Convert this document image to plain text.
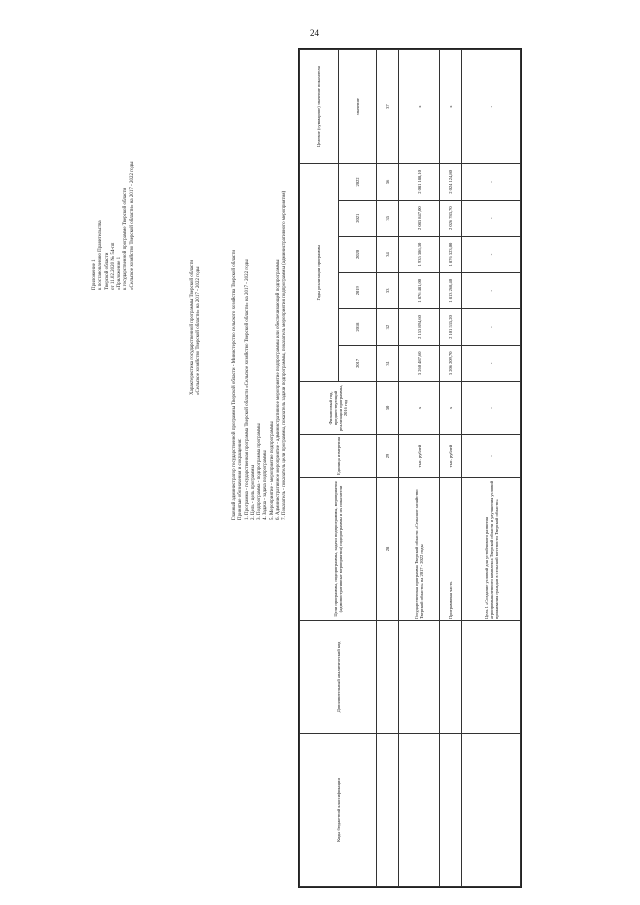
24
Приложение 1 к постановлению Правительства Тверской области от 11.02.2020 № 54-пп «Приложение 1 к государственной программе Тверской области «Сельское хозяйство Тверской области» на 2017 - 2022 годы
Характеристика государственной программы Тверской области «Сельское хозяйство Тверской области» на 2017 - 2022 годы	Главный администратор государственной программы Тверской области - Министерство сельского хозяйства Тверской области Принятые обозначения и сокращения: 1. Программа - государственная программа Тверской области «Сельское хозяйство Тверской области» на 2017 - 2022 годы 2. Цель - цель программы 3. Подпрограмма - подпрограмма программы 4. Задача - задача подпрограммы 5. Мероприятие - мероприятие подпрограммы 6. Административное мероприятие - административное мероприятие подпрограммы или обеспечивающей подпрограммы 7. Показатель - показатель цели программы, показатель задачи подпрограммы, показатель мероприятия подпрограммы (административного мероприятия)
Коды бюджетной классификации	Дополнительный аналитический код	Цели программы, подпрограммы, задачи подпрограммы, мероприятия (административные мероприятия) подпрограммы и их показатели	Единица измерения	Финансовый год, предшествующий реализации программы, 2016 год	Годы реализации программы						Целевое (суммарное) значение показателя
					2017	2018	2019	2020	2021	2022	значение
		28	29	30	31	32	33	34	35	36	37
		Государственная программа Тверской области «Сельское хозяйство Тверской области» на 2017 - 2022 годы	тыс. рублей	х	3 260 487,60	2 153 894,60	1 876 481,00	1 935 386,30	2 083 847,00	2 081 188,10	х
		Программная часть	тыс. рублей	х	3 206 209,70	2 101 535,20	1 813 268,40	1 876 323,00	2 026 783,70	2 024 124,80	х
		Цель 1 «Создание условий для устойчивого развития агропромышленного комплекса Тверской области и улучшения условий проживания граждан в сельской местности Тверской области»	-	-	-	-	-	-	-	-	-
